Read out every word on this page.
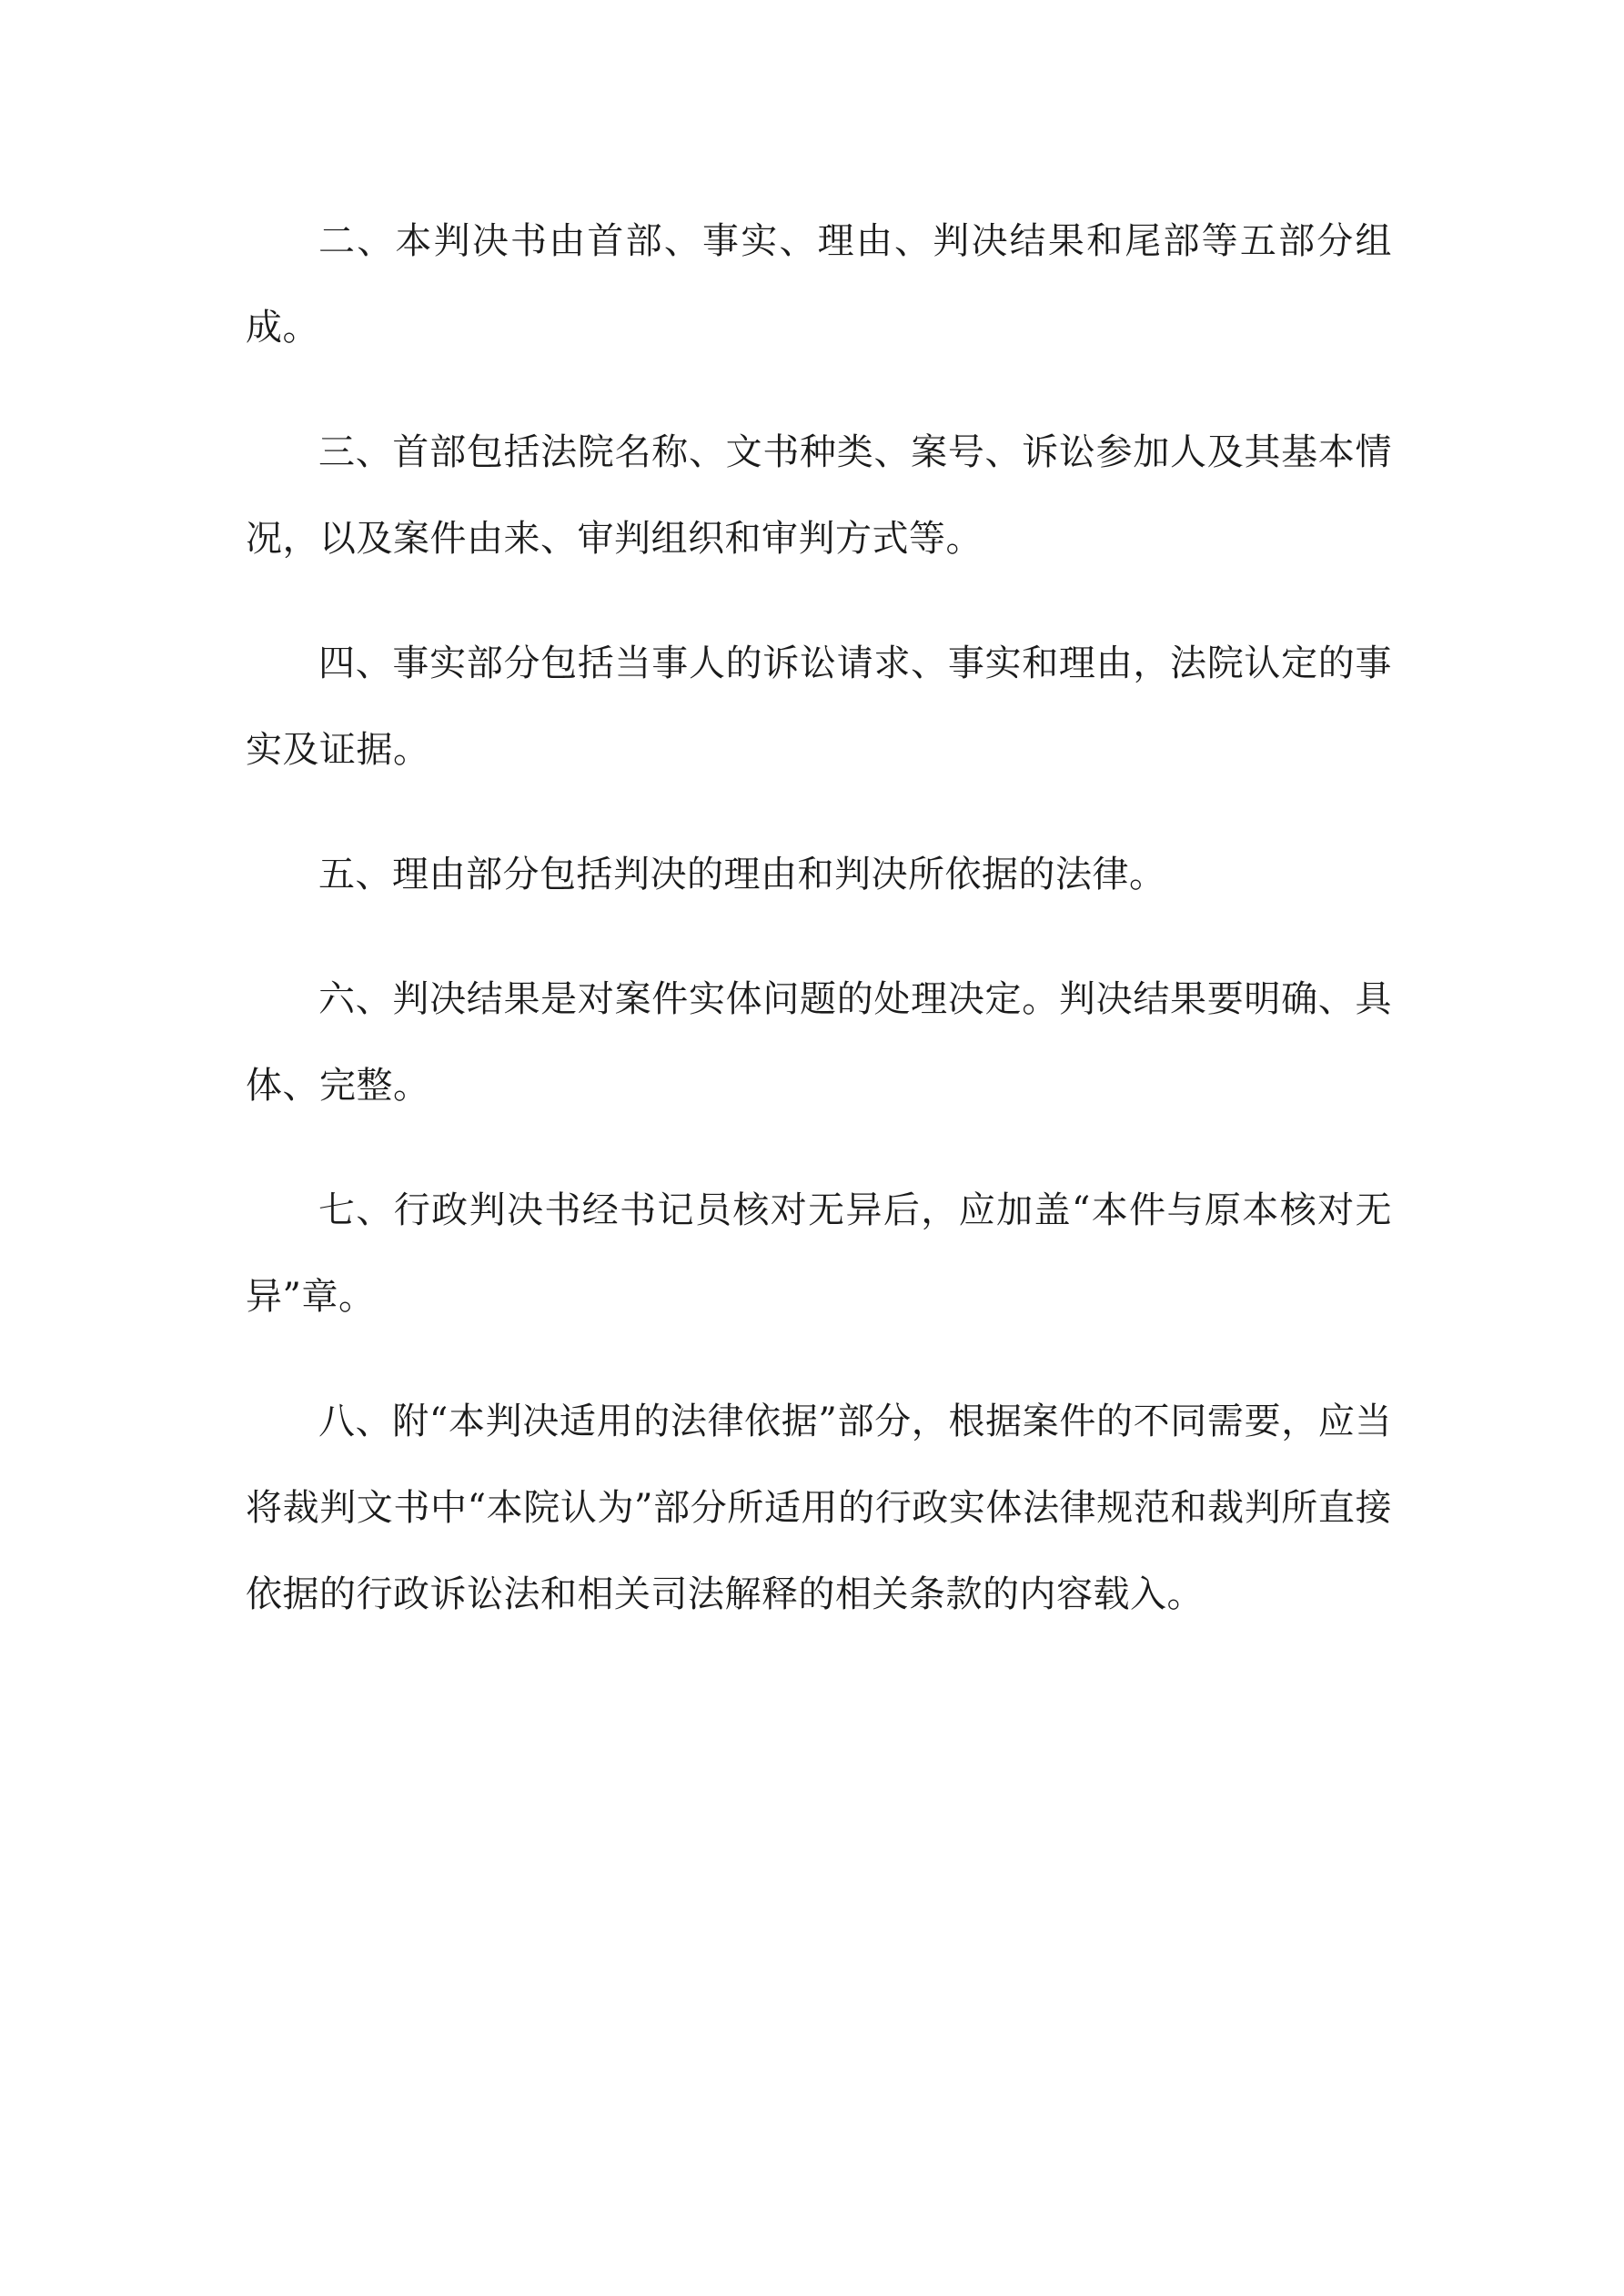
二、本判决书由首部、事实、理由、判决结果和尾部等五部分组成。

三、首部包括法院名称、文书种类、案号、诉讼参加人及其基本情况，以及案件由来、审判组织和审判方式等。

四、事实部分包括当事人的诉讼请求、事实和理由，法院认定的事实及证据。

五、理由部分包括判决的理由和判决所依据的法律。

六、判决结果是对案件实体问题的处理决定。判决结果要明确、具体、完整。

七、行政判决书经书记员核对无异后，应加盖“本件与原本核对无异”章。

八、附“本判决适用的法律依据”部分，根据案件的不同需要，应当将裁判文书中“本院认为”部分所适用的行政实体法律规范和裁判所直接依据的行政诉讼法和相关司法解释的相关条款的内容载入。
